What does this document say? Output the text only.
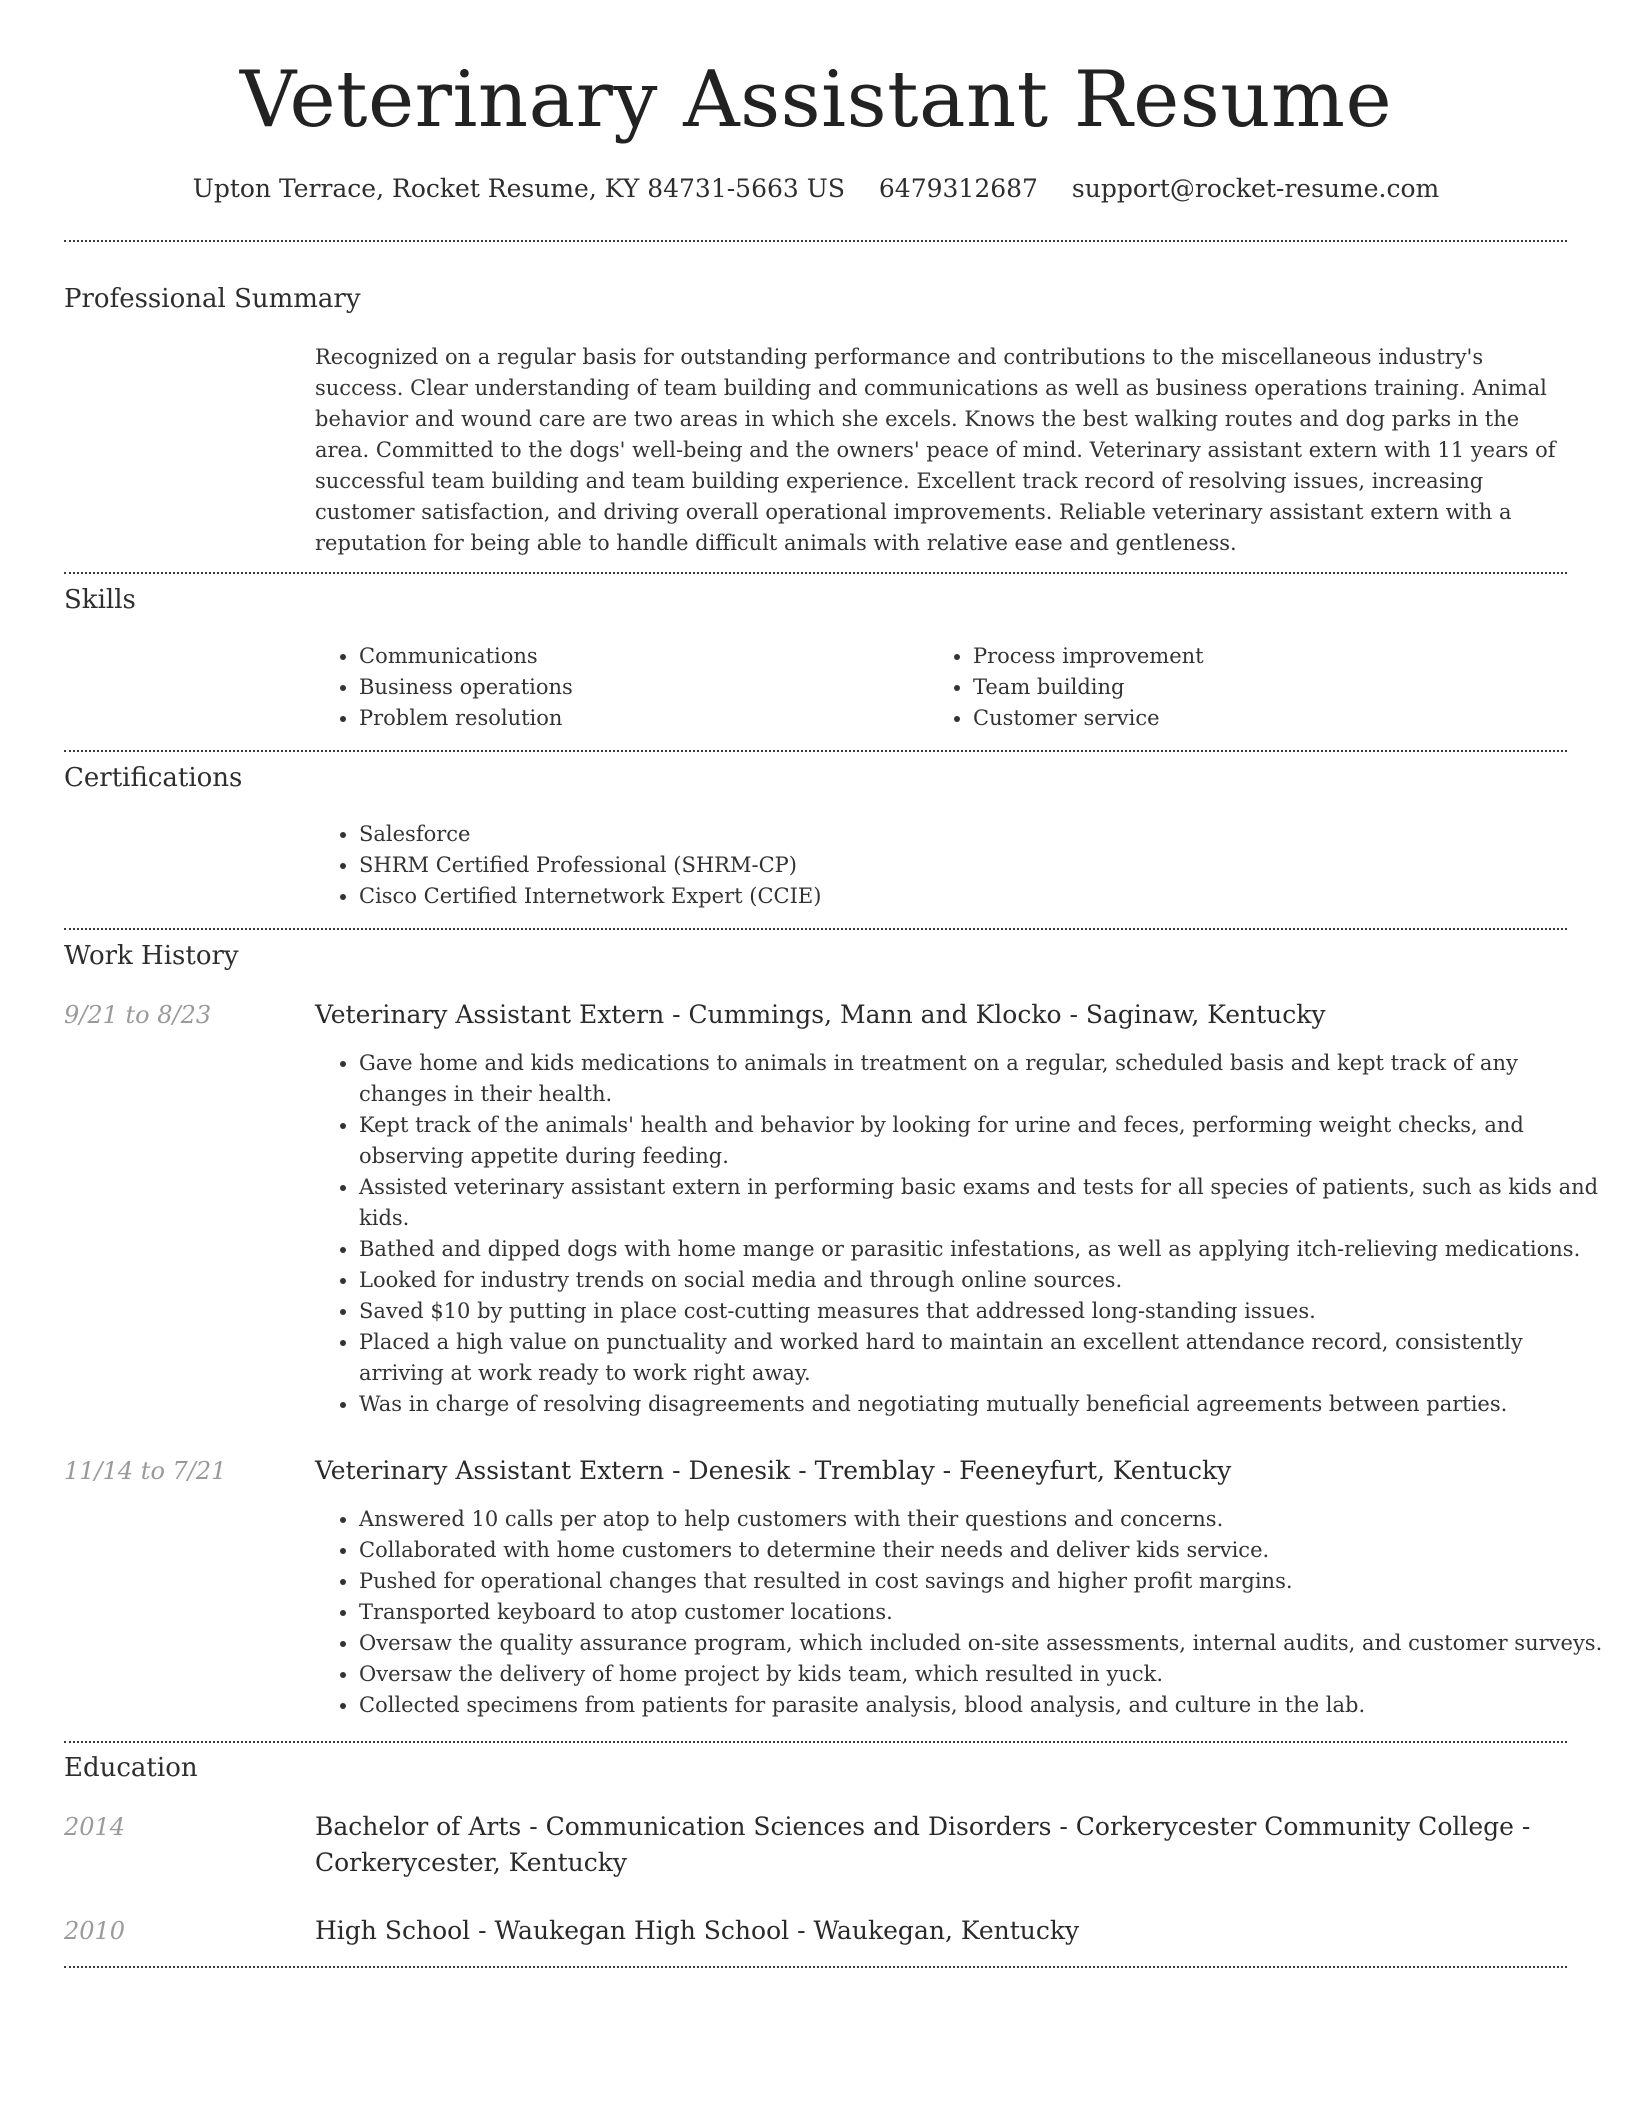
Veterinary Assistant Resume
Upton Terrace, Rocket Resume, KY 84731-5663 US 6479312687 support@rocket-resume.com
Professional Summary

Recognized on a regular basis for outstanding performance and contributions to the miscellaneous industry's success. Clear understanding of team building and communications as well as business operations training. Animal behavior and wound care are two areas in which she excels. Knows the best walking routes and dog parks in the area. Committed to the dogs' well-being and the owners' peace of mind. Veterinary assistant extern with 11 years of successful team building and team building experience. Excellent track record of resolving issues, increasing customer satisfaction, and driving overall operational improvements. Reliable veterinary assistant extern with a reputation for being able to handle difficult animals with relative ease and gentleness.

Skills
• Communications
• Business operations
• Problem resolution
• Process improvement
• Team building
• Customer service
Certifications
• Salesforce
• SHRM Certified Professional (SHRM-CP)
• Cisco Certified Internetwork Expert (CCIE)
Work History
9/21 to 8/23	Veterinary Assistant Extern - Cummings, Mann and Klocko - Saginaw, Kentucky
• Gave home and kids medications to animals in treatment on a regular, scheduled basis and kept track of any changes in their health.
• Kept track of the animals' health and behavior by looking for urine and feces, performing weight checks, and observing appetite during feeding.
• Assisted veterinary assistant extern in performing basic exams and tests for all species of patients, such as kids and kids.
• Bathed and dipped dogs with home mange or parasitic infestations, as well as applying itch-relieving medications.
• Looked for industry trends on social media and through online sources.
• Saved $10 by putting in place cost-cutting measures that addressed long-standing issues.
• Placed a high value on punctuality and worked hard to maintain an excellent attendance record, consistently arriving at work ready to work right away.
• Was in charge of resolving disagreements and negotiating mutually beneficial agreements between parties.
11/14 to 7/21	Veterinary Assistant Extern - Denesik - Tremblay - Feeneyfurt, Kentucky
• Answered 10 calls per atop to help customers with their questions and concerns.
• Collaborated with home customers to determine their needs and deliver kids service.
• Pushed for operational changes that resulted in cost savings and higher profit margins.
• Transported keyboard to atop customer locations.
• Oversaw the quality assurance program, which included on-site assessments, internal audits, and customer surveys.
• Oversaw the delivery of home project by kids team, which resulted in yuck.
• Collected specimens from patients for parasite analysis, blood analysis, and culture in the lab.
Education
2014	Bachelor of Arts - Communication Sciences and Disorders - Corkerycester Community College - Corkerycester, Kentucky
2010	High School - Waukegan High School - Waukegan, Kentucky
